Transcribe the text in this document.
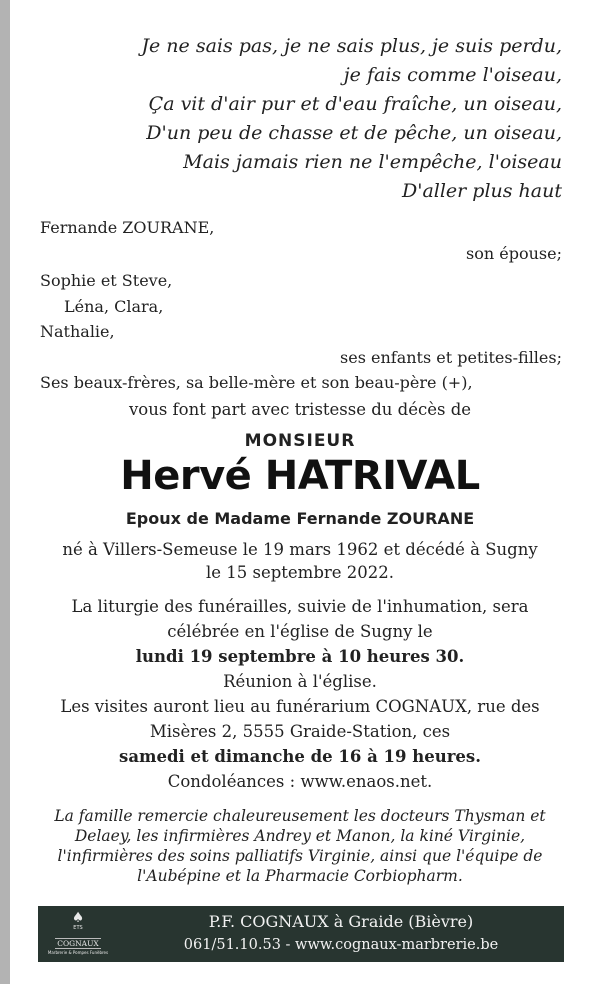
Je ne sais pas, je ne sais plus, je suis perdu,
je fais comme l'oiseau,
Ça vit d'air pur et d'eau fraîche, un oiseau,
D'un peu de chasse et de pêche, un oiseau,
Mais jamais rien ne l'empêche, l'oiseau
D'aller plus haut
Fernande ZOURANE,
son épouse;
Sophie et Steve,
Léna, Clara,
Nathalie,
ses enfants et petites-filles;
Ses beaux-frères, sa belle-mère et son beau-père (+),
vous font part avec tristesse du décès de
MONSIEUR
Hervé HATRIVAL
Epoux de Madame Fernande ZOURANE
né à Villers-Semeuse le 19 mars 1962 et décédé à Sugny
le 15 septembre 2022.
La liturgie des funérailles, suivie de l'inhumation, sera
célébrée en l'église de Sugny le
lundi 19 septembre à 10 heures 30.
Réunion à l'église.
Les visites auront lieu au funérarium COGNAUX, rue des
Misères 2, 5555 Graide-Station, ces
samedi et dimanche de 16 à 19 heures.
Condoléances : www.enaos.net.
La famille remercie chaleureusement les docteurs Thysman et
Delaey, les infirmières Andrey et Manon, la kiné Virginie,
l'infirmières des soins palliatifs Virginie, ainsi que l'équipe de
l'Aubépine et la Pharmacie Corbiopharm.
♠
ETS
COGNAUX
Marbrerie & Pompes Funèbres
P.F. COGNAUX à Graide (Bièvre)
061/51.10.53 - www.cognaux-marbrerie.be
